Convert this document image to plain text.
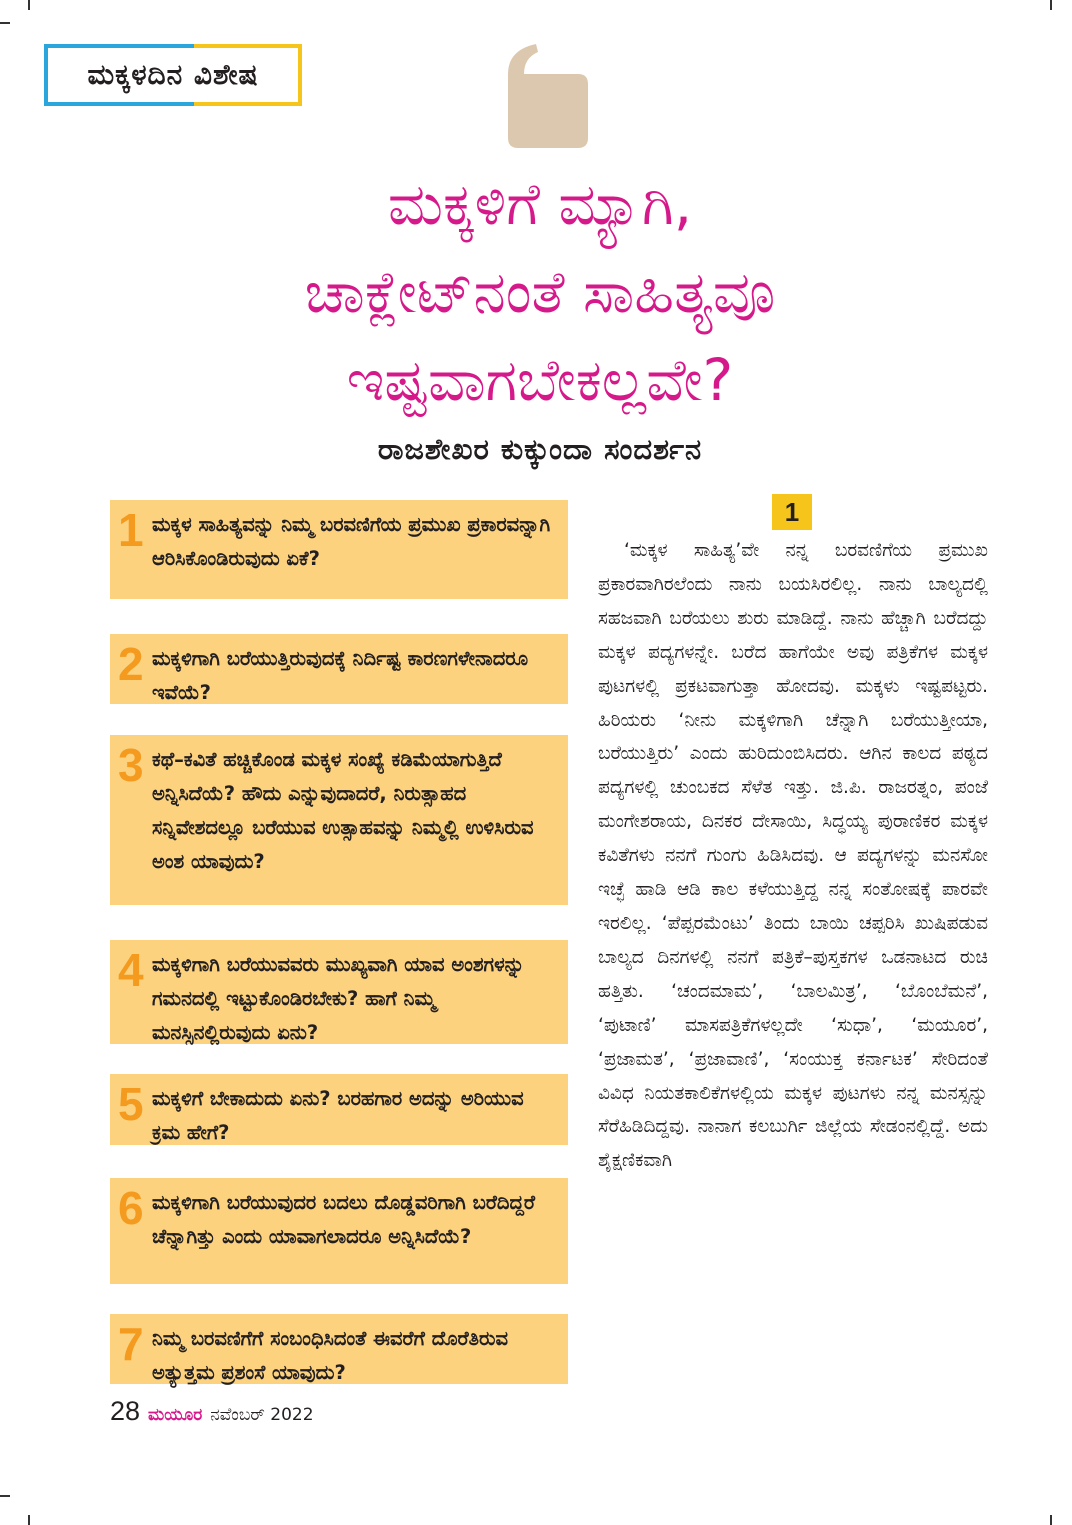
ಮಕ್ಕಳದಿನ ವಿಶೇಷ
ಮಕ್ಕಳಿಗೆ ಮ್ಯಾಗಿ,
ಚಾಕ್ಲೇಟ್‌ನಂತೆ ಸಾಹಿತ್ಯವೂ
ಇಷ್ಟವಾಗಬೇಕಲ್ಲವೇ?
ರಾಜಶೇಖರ ಕುಕ್ಕುಂದಾ ಸಂದರ್ಶನ
1 ಮಕ್ಕಳ ಸಾಹಿತ್ಯವನ್ನು ನಿಮ್ಮ ಬರವಣಿಗೆಯ ಪ್ರಮುಖ ಪ್ರಕಾರವನ್ನಾಗಿ ಆರಿಸಿಕೊಂಡಿರುವುದು ಏಕೆ?
2 ಮಕ್ಕಳಿಗಾಗಿ ಬರೆಯುತ್ತಿರುವುದಕ್ಕೆ ನಿರ್ದಿಷ್ಟ ಕಾರಣಗಳೇನಾದರೂ ಇವೆಯೆ?
3 ಕಥೆ–ಕವಿತೆ ಹಚ್ಚಿಕೊಂಡ ಮಕ್ಕಳ ಸಂಖ್ಯೆ ಕಡಿಮೆಯಾಗುತ್ತಿದೆ ಅನ್ನಿಸಿದೆಯೆ? ಹೌದು ಎನ್ನುವುದಾದರೆ, ನಿರುತ್ಸಾಹದ ಸನ್ನಿವೇಶದಲ್ಲೂ ಬರೆಯುವ ಉತ್ಸಾಹವನ್ನು ನಿಮ್ಮಲ್ಲಿ ಉಳಿಸಿರುವ ಅಂಶ ಯಾವುದು?
4 ಮಕ್ಕಳಿಗಾಗಿ ಬರೆಯುವವರು ಮುಖ್ಯವಾಗಿ ಯಾವ ಅಂಶಗಳನ್ನು ಗಮನದಲ್ಲಿ ಇಟ್ಟುಕೊಂಡಿರಬೇಕು? ಹಾಗೆ ನಿಮ್ಮ ಮನಸ್ಸಿನಲ್ಲಿರುವುದು ಏನು?
5 ಮಕ್ಕಳಿಗೆ ಬೇಕಾದುದು ಏನು? ಬರಹಗಾರ ಅದನ್ನು ಅರಿಯುವ ಕ್ರಮ ಹೇಗೆ?
6 ಮಕ್ಕಳಿಗಾಗಿ ಬರೆಯುವುದರ ಬದಲು ದೊಡ್ಡವರಿಗಾಗಿ ಬರೆದಿದ್ದರೆ ಚೆನ್ನಾಗಿತ್ತು ಎಂದು ಯಾವಾಗಲಾದರೂ ಅನ್ನಿಸಿದೆಯೆ?
7 ನಿಮ್ಮ ಬರವಣಿಗೆಗೆ ಸಂಬಂಧಿಸಿದಂತೆ ಈವರೆಗೆ ದೊರೆತಿರುವ ಅತ್ಯುತ್ತಮ ಪ್ರಶಂಸೆ ಯಾವುದು?
1
‘ಮಕ್ಕಳ ಸಾಹಿತ್ಯ’ವೇ ನನ್ನ ಬರವಣಿಗೆಯ ಪ್ರಮುಖ ಪ್ರಕಾರವಾಗಿರಲೆಂದು ನಾನು ಬಯಸಿರಲಿಲ್ಲ. ನಾನು ಬಾಲ್ಯದಲ್ಲಿ ಸಹಜವಾಗಿ ಬರೆಯಲು ಶುರು ಮಾಡಿದ್ದೆ. ನಾನು ಹೆಚ್ಚಾಗಿ ಬರೆದದ್ದು ಮಕ್ಕಳ ಪದ್ಯಗಳನ್ನೇ. ಬರೆದ ಹಾಗೆಯೇ ಅವು ಪತ್ರಿಕೆಗಳ ಮಕ್ಕಳ ಪುಟಗಳಲ್ಲಿ ಪ್ರಕಟವಾಗುತ್ತಾ ಹೋದವು. ಮಕ್ಕಳು ಇಷ್ಟಪಟ್ಟರು. ಹಿರಿಯರು ‘ನೀನು ಮಕ್ಕಳಿಗಾಗಿ ಚೆನ್ನಾಗಿ ಬರೆಯುತ್ತೀಯಾ, ಬರೆಯುತ್ತಿರು’ ಎಂದು ಹುರಿದುಂಬಿಸಿದರು. ಆಗಿನ ಕಾಲದ ಪಠ್ಯದ ಪದ್ಯಗಳಲ್ಲಿ ಚುಂಬಕದ ಸೆಳೆತ ಇತ್ತು. ಜಿ.ಪಿ. ರಾಜರತ್ನಂ, ಪಂಜೆ ಮಂಗೇಶರಾಯ, ದಿನಕರ ದೇಸಾಯಿ, ಸಿದ್ಧಯ್ಯ ಪುರಾಣಿಕರ ಮಕ್ಕಳ ಕವಿತೆಗಳು ನನಗೆ ಗುಂಗು ಹಿಡಿಸಿದವು. ಆ ಪದ್ಯಗಳನ್ನು ಮನಸೋ ಇಚ್ಛೆ ಹಾಡಿ ಆಡಿ ಕಾಲ ಕಳೆಯುತ್ತಿದ್ದ ನನ್ನ ಸಂತೋಷಕ್ಕೆ ಪಾರವೇ ಇರಲಿಲ್ಲ. ‘ಪೆಪ್ಪರಮೆಂಟು’ ತಿಂದು ಬಾಯಿ ಚಪ್ಪರಿಸಿ ಖುಷಿಪಡುವ ಬಾಲ್ಯದ ದಿನಗಳಲ್ಲಿ ನನಗೆ ಪತ್ರಿಕೆ–ಪುಸ್ತಕಗಳ ಒಡನಾಟದ ರುಚಿ ಹತ್ತಿತು. ‘ಚಂದಮಾಮ’, ‘ಬಾಲಮಿತ್ರ’, ‘ಬೊಂಬೆಮನೆ’, ‘ಪುಟಾಣಿ’ ಮಾಸಪತ್ರಿಕೆಗಳಲ್ಲದೇ ‘ಸುಧಾ’, ‘ಮಯೂರ’, ‘ಪ್ರಜಾಮತ’, ‘ಪ್ರಜಾವಾಣಿ’, ‘ಸಂಯುಕ್ತ ಕರ್ನಾಟಕ’ ಸೇರಿದಂತೆ ವಿವಿಧ ನಿಯತಕಾಲಿಕೆಗಳಲ್ಲಿಯ ಮಕ್ಕಳ ಪುಟಗಳು ನನ್ನ ಮನಸ್ಸನ್ನು ಸೆರೆಹಿಡಿದಿದ್ದವು. ನಾನಾಗ ಕಲಬುರ್ಗಿ ಜಿಲ್ಲೆಯ ಸೇಡಂನಲ್ಲಿದ್ದೆ. ಅದು ಶೈಕ್ಷಣಿಕವಾಗಿ
28 ಮಯೂರ ನವೆಂಬರ್ 2022
